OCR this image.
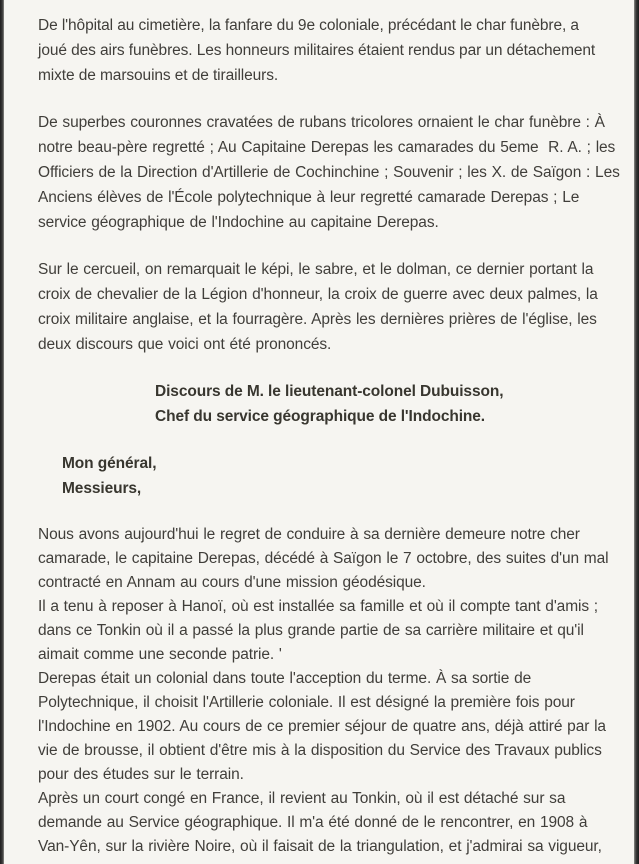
De l'hôpital au cimetière, la fanfare du 9e coloniale, précédant le char funèbre, a
joué des airs funèbres. Les honneurs militaires étaient rendus par un détachement
mixte de marsouins et de tirailleurs.
De superbes couronnes cravatées de rubans tricolores ornaient le char funèbre : À
notre beau-père regretté ; Au Capitaine Derepas les camarades du 5eme  R. A. ; les
Officiers de la Direction d'Artillerie de Cochinchine ; Souvenir ; les X. de Saïgon : Les
Anciens élèves de l'École polytechnique à leur regretté camarade Derepas ; Le
service géographique de l'Indochine au capitaine Derepas.
Sur le cercueil, on remarquait le képi, le sabre, et le dolman, ce dernier portant la
croix de chevalier de la Légion d'honneur, la croix de guerre avec deux palmes, la
croix militaire anglaise, et la fourragère. Après les dernières prières de l'église, les
deux discours que voici ont été prononcés.
Discours de M. le lieutenant-colonel Dubuisson,
Chef du service géographique de l'Indochine.
Mon général,
Messieurs,
Nous avons aujourd'hui le regret de conduire à sa dernière demeure notre cher
camarade, le capitaine Derepas, décédé à Saïgon le 7 octobre, des suites d'un mal
contracté en Annam au cours d'une mission géodésique.
Il a tenu à reposer à Hanoï, où est installée sa famille et où il compte tant d'amis ;
dans ce Tonkin où il a passé la plus grande partie de sa carrière militaire et qu'il
aimait comme une seconde patrie. '
Derepas était un colonial dans toute l'acception du terme. À sa sortie de
Polytechnique, il choisit l'Artillerie coloniale. Il est désigné la première fois pour
l'Indochine en 1902. Au cours de ce premier séjour de quatre ans, déjà attiré par la
vie de brousse, il obtient d'être mis à la disposition du Service des Travaux publics
pour des études sur le terrain.
Après un court congé en France, il revient au Tonkin, où il est détaché sur sa
demande au Service géographique. Il m'a été donné de le rencontrer, en 1908 à
Van-Yên, sur la rivière Noire, où il faisait de la triangulation, et j'admirai sa vigueur,
